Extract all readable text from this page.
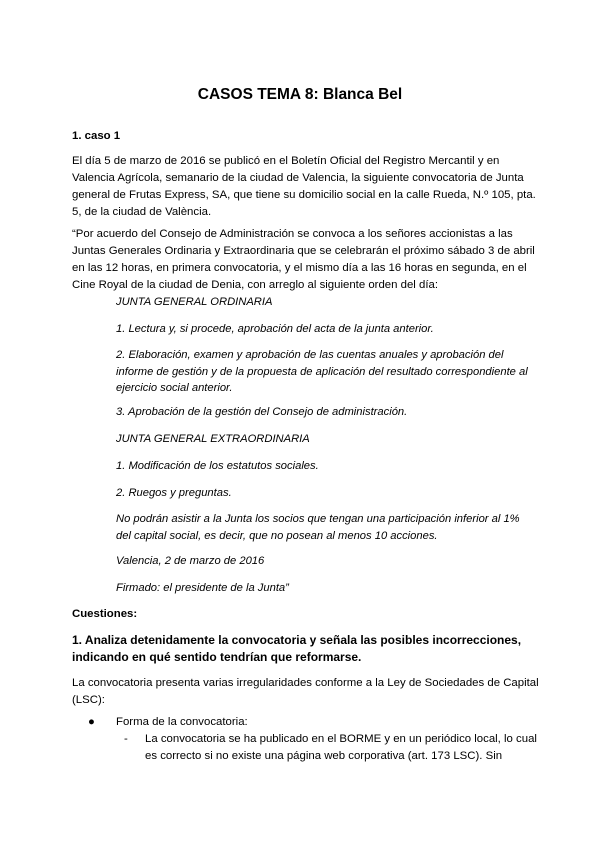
CASOS TEMA 8: Blanca Bel
1. caso 1
El día 5 de marzo de 2016 se publicó en el Boletín Oficial del Registro Mercantil y en
Valencia Agrícola, semanario de la ciudad de Valencia, la siguiente convocatoria de Junta
general de Frutas Express, SA, que tiene su domicilio social en la calle Rueda, N.º 105, pta.
5, de la ciudad de València.
“Por acuerdo del Consejo de Administración se convoca a los señores accionistas a las
Juntas Generales Ordinaria y Extraordinaria que se celebrarán el próximo sábado 3 de abril
en las 12 horas, en primera convocatoria, y el mismo día a las 16 horas en segunda, en el
Cine Royal de la ciudad de Denia, con arreglo al siguiente orden del día:
JUNTA GENERAL ORDINARIA
1. Lectura y, si procede, aprobación del acta de la junta anterior.
2. Elaboración, examen y aprobación de las cuentas anuales y aprobación del
informe de gestión y de la propuesta de aplicación del resultado correspondiente al
ejercicio social anterior.
3. Aprobación de la gestión del Consejo de administración.
JUNTA GENERAL EXTRAORDINARIA
1. Modificación de los estatutos sociales.
2. Ruegos y preguntas.
No podrán asistir a la Junta los socios que tengan una participación inferior al 1%
del capital social, es decir, que no posean al menos 10 acciones.
Valencia, 2 de marzo de 2016
Firmado: el presidente de la Junta”
Cuestiones:
1. Analiza detenidamente la convocatoria y señala las posibles incorrecciones,
indicando en qué sentido tendrían que reformarse.
La convocatoria presenta varias irregularidades conforme a la Ley de Sociedades de Capital
(LSC):
● Forma de la convocatoria:
- La convocatoria se ha publicado en el BORME y en un periódico local, lo cual
es correcto si no existe una página web corporativa (art. 173 LSC). Sin
